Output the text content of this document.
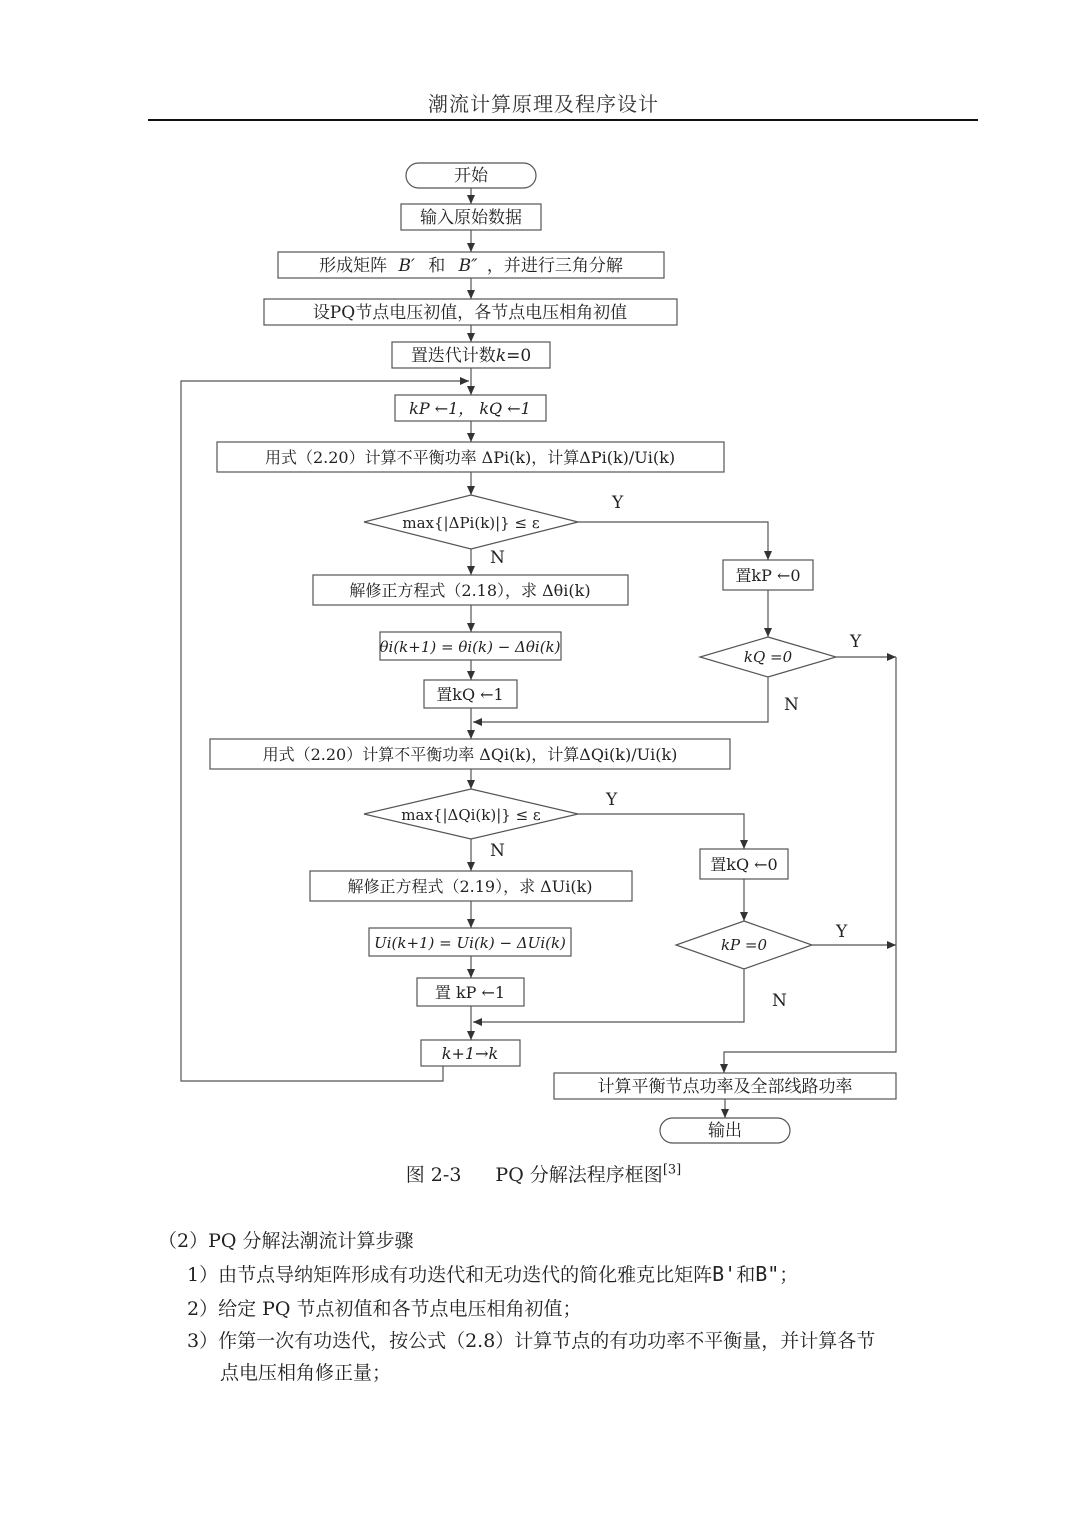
潮流计算原理及程序设计
开始
输入原始数据
形成矩阵 B′ 和 B″ ，并进行三角分解
设PQ节点电压初值，各节点电压相角初值
置迭代计数k=0
kP ←1， kQ ←1
用式（2.20）计算不平衡功率 ΔPi(k)，计算ΔPi(k)/Ui(k)
max{|ΔPi(k)|} ≤ ε
Y
N
解修正方程式（2.18），求 Δθi(k)
θi(k+1) = θi(k) − Δθi(k)
置kQ ←1
置kP ←0
kQ =0
Y
N
用式（2.20）计算不平衡功率 ΔQi(k)，计算ΔQi(k)/Ui(k)
max{|ΔQi(k)|} ≤ ε
Y
N
解修正方程式（2.19），求 ΔUi(k)
Ui(k+1) = Ui(k) − ΔUi(k)
置 kP ←1
置kQ ←0
kP =0
Y
N
k+1→k
计算平衡节点功率及全部线路功率
输出
图 2-3 PQ 分解法程序框图[3]
（2）PQ 分解法潮流计算步骤
1）由节点导纳矩阵形成有功迭代和无功迭代的简化雅克比矩阵B'和B"；
2）给定 PQ 节点初值和各节点电压相角初值；
3）作第一次有功迭代，按公式（2.8）计算节点的有功功率不平衡量，并计算各节
点电压相角修正量；
